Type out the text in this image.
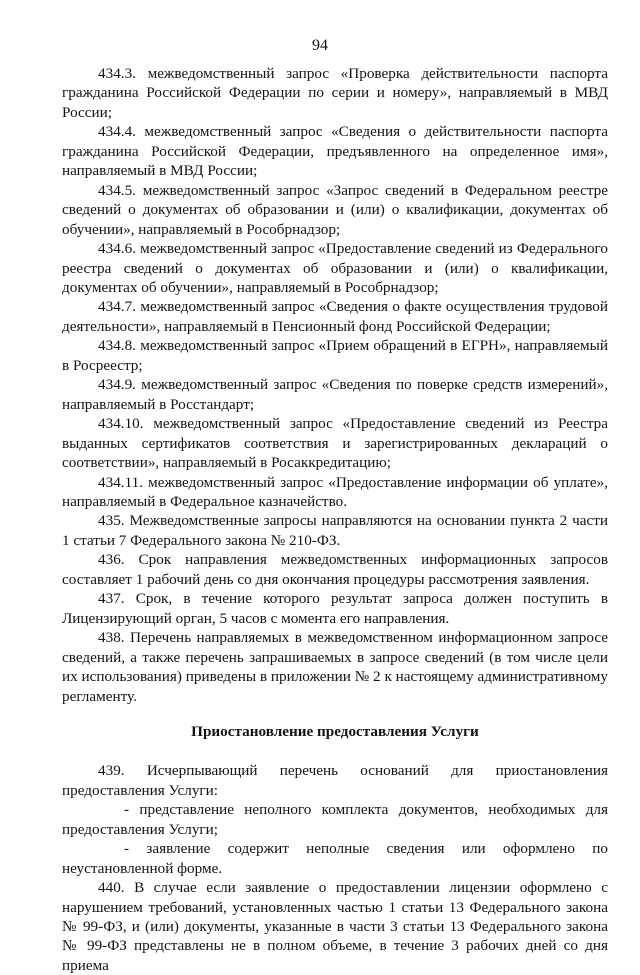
94

434.3. межведомственный запрос «Проверка действительности паспорта гражданина Российской Федерации по серии и номеру», направляемый в МВД России;

434.4. межведомственный запрос «Сведения о действительности паспорта гражданина Российской Федерации, предъявленного на определенное имя», направляемый в МВД России;

434.5. межведомственный запрос «Запрос сведений в Федеральном реестре сведений о документах об образовании и (или) о квалификации, документах об обучении», направляемый в Рособрнадзор;

434.6. межведомственный запрос «Предоставление сведений из Федерального реестра сведений о документах об образовании и (или) о квалификации, документах об обучении», направляемый в Рособрнадзор;

434.7. межведомственный запрос «Сведения о факте осуществления трудовой деятельности», направляемый в Пенсионный фонд Российской Федерации;

434.8. межведомственный запрос «Прием обращений в ЕГРН», направляемый в Росреестр;

434.9. межведомственный запрос «Сведения по поверке средств измерений», направляемый в Росстандарт;

434.10. межведомственный запрос «Предоставление сведений из Реестра выданных сертификатов соответствия и зарегистрированных деклараций о соответствии», направляемый в Росаккредитацию;

434.11. межведомственный запрос «Предоставление информации об уплате», направляемый в Федеральное казначейство.

435. Межведомственные запросы направляются на основании пункта 2 части 1 статьи 7 Федерального закона № 210-ФЗ.

436. Срок направления межведомственных информационных запросов составляет 1 рабочий день со дня окончания процедуры рассмотрения заявления.

437. Срок, в течение которого результат запроса должен поступить в Лицензирующий орган, 5 часов с момента его направления.

438. Перечень направляемых в межведомственном информационном запросе сведений, а также перечень запрашиваемых в запросе сведений (в том числе цели их использования) приведены в приложении № 2 к настоящему административному регламенту.

Приостановление предоставления Услуги

439. Исчерпывающий перечень оснований для приостановления предоставления Услуги:

- представление неполного комплекта документов, необходимых для предоставления Услуги;

- заявление содержит неполные сведения или оформлено по неустановленной форме.

440. В случае если заявление о предоставлении лицензии оформлено с нарушением требований, установленных частью 1 статьи 13 Федерального закона № 99-ФЗ, и (или) документы, указанные в части 3 статьи 13 Федерального закона № 99-ФЗ представлены не в полном объеме, в течение 3 рабочих дней со дня приема
